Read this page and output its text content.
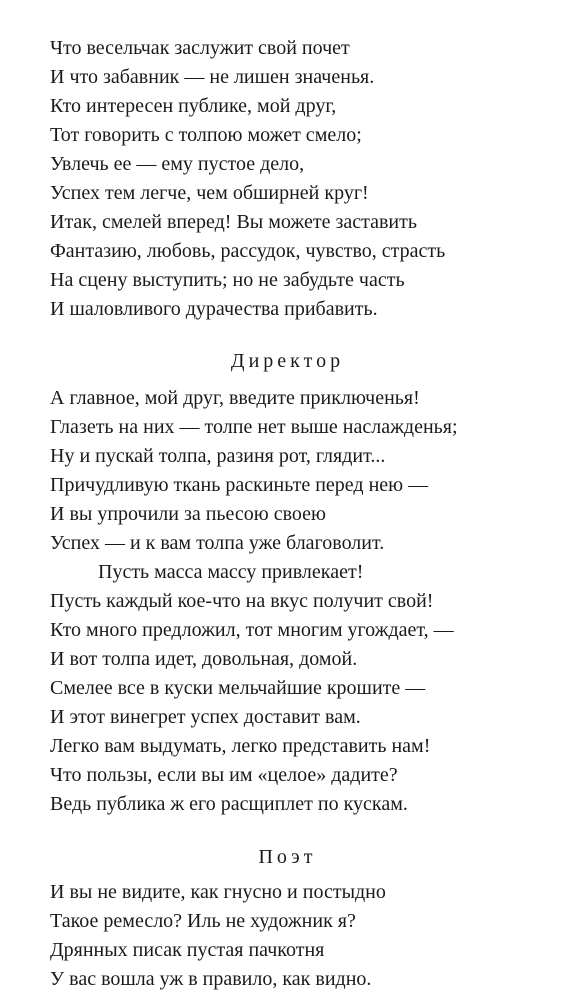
Что весельчак заслужит свой почет
И что забавник — не лишен значенья.
Кто интересен публике, мой друг,
Тот говорить с толпою может смело;
Увлечь ее — ему пустое дело,
Успех тем легче, чем обширней круг!
Итак, смелей вперед! Вы можете заставить
Фантазию, любовь, рассудок, чувство, страсть
На сцену выступить; но не забудьте часть
И шаловливого дурачества прибавить.
Директор
А главное, мой друг, введите приключенья!
Глазеть на них — толпе нет выше наслажденья;
Ну и пускай толпа, разиня рот, глядит...
Причудливую ткань раскиньте перед нею —
И вы упрочили за пьесою своею
Успех — и к вам толпа уже благоволит.
Пусть масса массу привлекает!
Пусть каждый кое-что на вкус получит свой!
Кто много предложил, тот многим угождает, —
И вот толпа идет, довольная, домой.
Смелее все в куски мельчайшие крошите —
И этот винегрет успех доставит вам.
Легко вам выдумать, легко представить нам!
Что пользы, если вы им «целое» дадите?
Ведь публика ж его расщиплет по кускам.
Поэт
И вы не видите, как гнусно и постыдно
Такое ремесло? Иль не художник я?
Дрянных писак пустая пачкотня
У вас вошла уж в правило, как видно.
